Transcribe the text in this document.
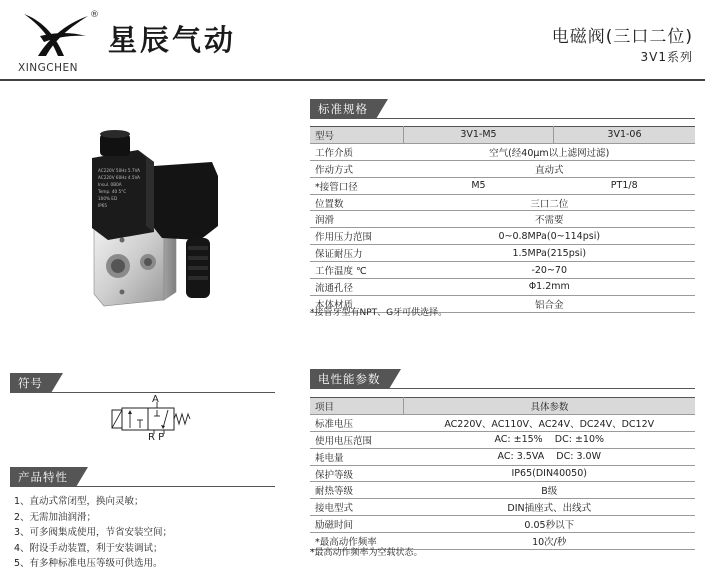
®
XINGCHEN
星辰气动	电磁阀(三口二位)
3V1系列
AC220V 50Hz 5.7VA
AC220V 60Hz 4.5VA
Insul. 0B0A
Temp. 40 5°C
100% ED
IP65
标准规格
型号	3V1-M5	3V1-06
工作介质	空气(经40μm以上滤网过滤)	
作动方式	直动式	
*接管口径	M5	PT1/8
位置数	三口二位	
润滑	不需要	
作用压力范围	0~0.8MPa(0~114psi)	
保证耐压力	1.5MPa(215psi)	
工作温度 ℃	-20~70	
流通孔径	Φ1.2mm	
本体材质	铝合金	
*接管牙型有NPT、G牙可供选择。
符号
A
R P
产品特性
1、直动式常闭型，换向灵敏；
2、无需加油润滑；
3、可多阀集成使用，节省安装空间；
4、附设手动装置，利于安装调试；
5、有多种标准电压等级可供选用。
电性能参数
项目	具体参数
标准电压	AC220V、AC110V、AC24V、DC24V、DC12V
使用电压范围	AC: ±15%    DC: ±10%
耗电量	AC: 3.5VA    DC: 3.0W
保护等级	IP65(DIN40050)
耐热等级	B级
接电型式	DIN插座式、出线式
励磁时间	0.05秒以下
*最高动作频率	10次/秒
*最高动作频率为空载状态。
